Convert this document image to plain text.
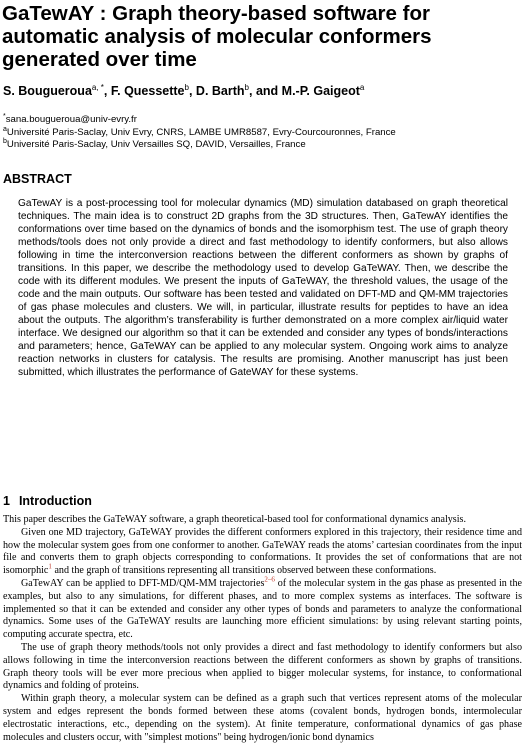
GaTewAY : Graph theory-based software for automatic analysis of molecular conformers generated over time
S. Bougueroua$^{a, *}$, F. Quessette$^b$, D. Barth$^b$, and M.-P. Gaigeot$^a$
*sana.bougueroua@univ-evry.fr
$^a$Université Paris-Saclay, Univ Evry, CNRS, LAMBE UMR8587, Evry-Courcouronnes, France
$^b$Université Paris-Saclay, Univ Versailles SQ, DAVID, Versailles, France
ABSTRACT

GaTewAY is a post-processing tool for molecular dynamics (MD) simulation databased on graph theoretical techniques. The main idea is to construct 2D graphs from the 3D structures. Then, GaTewAY identifies the conformations over time based on the dynamics of bonds and the isomorphism test. The use of graph theory methods/tools does not only provide a direct and fast methodology to identify conformers, but also allows following in time the interconversion reactions between the different conformers as shown by graphs of transitions. In this paper, we describe the methodology used to develop GaTeWAY. Then, we describe the code with its different modules. We present the inputs of GaTeWAY, the threshold values, the usage of the code and the main outputs. Our software has been tested and validated on DFT-MD and QM-MM trajectories of gas phase molecules and clusters. We will, in particular, illustrate results for peptides to have an idea about the outputs. The algorithm’s transferability is further demonstrated on a more complex air/liquid water interface. We designed our algorithm so that it can be extended and consider any types of bonds/interactions and parameters; hence, GaTeWAY can be applied to any molecular system. Ongoing work aims to analyze reaction networks in clusters for catalysis. The results are promising. Another manuscript has just been submitted, which illustrates the performance of GateWAY for these systems.

1 Introduction

This paper describes the GaTeWAY software, a graph theoretical-based tool for conformational dynamics analysis.

Given one MD trajectory, GaTeWAY provides the different conformers explored in this trajectory, their residence time and how the molecular system goes from one conformer to another. GaTeWAY reads the atoms’ cartesian coordinates from the input file and converts them to graph objects corresponding to conformations. It provides the set of conformations that are not isomorphic$^1$ and the graph of transitions representing all transitions observed between these conformations.

GaTewAY can be applied to DFT-MD/QM-MM trajectories$^{2-6}$ of the molecular system in the gas phase as presented in the examples, but also to any simulations, for different phases, and to more complex systems as interfaces. The software is implemented so that it can be extended and consider any other types of bonds and parameters to analyze the conformational dynamics. Some uses of the GaTeWAY results are launching more efficient simulations: by using relevant starting points, computing accurate spectra, etc.

The use of graph theory methods/tools not only provides a direct and fast methodology to identify conformers but also allows following in time the interconversion reactions between the different conformers as shown by graphs of transitions. Graph theory tools will be ever more precious when applied to bigger molecular systems, for instance, to conformational dynamics and folding of proteins.

Within graph theory, a molecular system can be defined as a graph such that vertices represent atoms of the molecular system and edges represent the bonds formed between these atoms (covalent bonds, hydrogen bonds, intermolecular electrostatic interactions, etc., depending on the system). At finite temperature, conformational dynamics of gas phase molecules and clusters occur, with "simplest motions" being hydrogen/ionic bond dynamics
